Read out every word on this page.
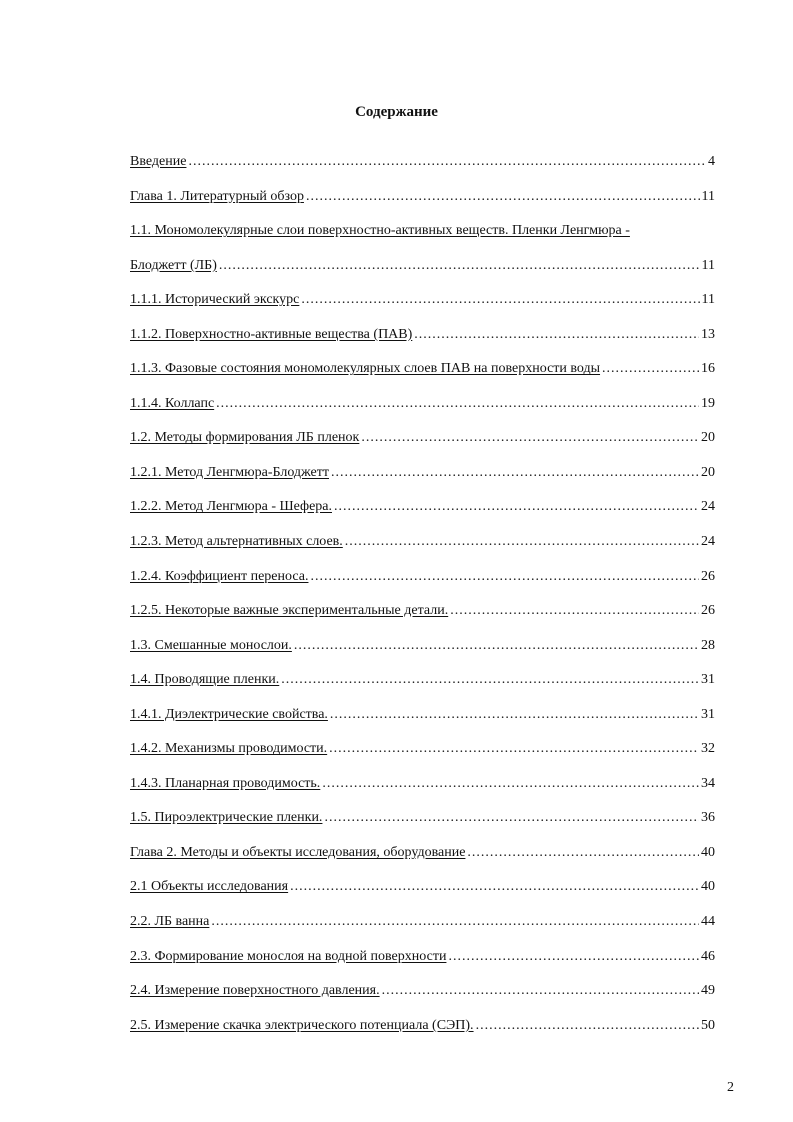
Содержание
Введение .....	4
Глава 1. Литературный обзор .....	11
1.1. Мономолекулярные слои поверхностно-активных веществ. Пленки Ленгмюра -
Блоджетт (ЛБ) .....	11
1.1.1. Исторический экскурс .....	11
1.1.2. Поверхностно-активные вещества (ПАВ) .....	13
1.1.3. Фазовые состояния мономолекулярных слоев ПАВ на поверхности воды .....	16
1.1.4. Коллапс .....	19
1.2. Методы формирования ЛБ пленок .....	20
1.2.1. Метод Ленгмюра-Блоджетт .....	20
1.2.2. Метод Ленгмюра - Шефера. .....	24
1.2.3. Метод альтернативных слоев. .....	24
1.2.4. Коэффициент переноса. .....	26
1.2.5. Некоторые важные экспериментальные детали. .....	26
1.3. Смешанные монослои. .....	28
1.4. Проводящие пленки. .....	31
1.4.1. Диэлектрические свойства. .....	31
1.4.2. Механизмы проводимости. .....	32
1.4.3. Планарная проводимость. .....	34
1.5. Пироэлектрические пленки. .....	36
Глава 2. Методы и объекты исследования, оборудование .....	40
2.1 Объекты исследования .....	40
2.2. ЛБ ванна .....	44
2.3. Формирование монослоя на водной поверхности .....	46
2.4. Измерение поверхностного давления. .....	49
2.5. Измерение скачка электрического потенциала (СЭП). .....	50
2
